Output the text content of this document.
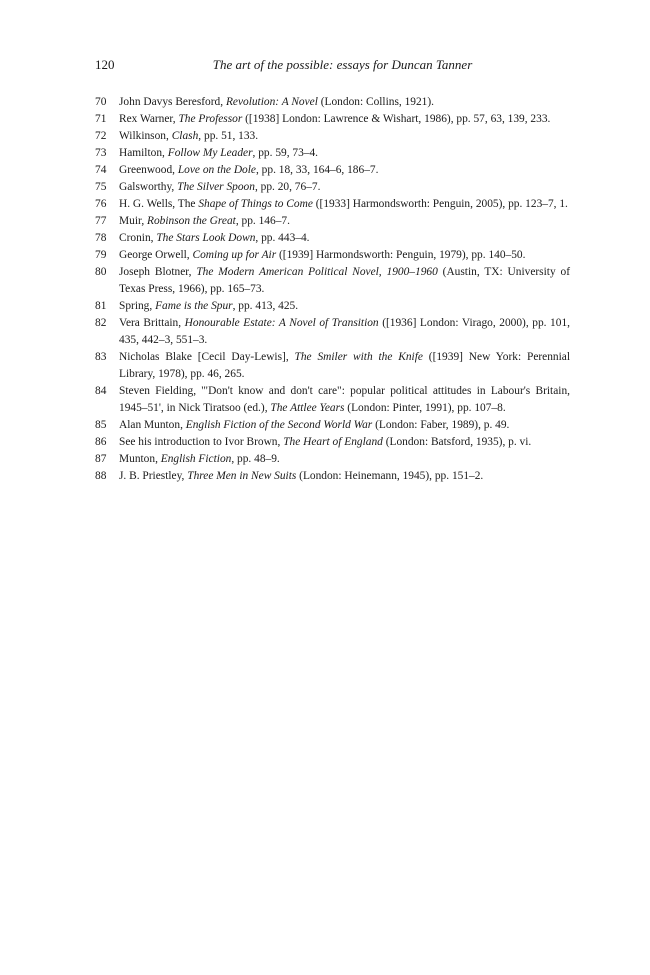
120	The art of the possible: essays for Duncan Tanner
70 John Davys Beresford, Revolution: A Novel (London: Collins, 1921).
71 Rex Warner, The Professor ([1938] London: Lawrence & Wishart, 1986), pp. 57, 63, 139, 233.
72 Wilkinson, Clash, pp. 51, 133.
73 Hamilton, Follow My Leader, pp. 59, 73–4.
74 Greenwood, Love on the Dole, pp. 18, 33, 164–6, 186–7.
75 Galsworthy, The Silver Spoon, pp. 20, 76–7.
76 H. G. Wells, The Shape of Things to Come ([1933] Harmondsworth: Penguin, 2005), pp. 123–7, 1.
77 Muir, Robinson the Great, pp. 146–7.
78 Cronin, The Stars Look Down, pp. 443–4.
79 George Orwell, Coming up for Air ([1939] Harmondsworth: Penguin, 1979), pp. 140–50.
80 Joseph Blotner, The Modern American Political Novel, 1900–1960 (Austin, TX: University of Texas Press, 1966), pp. 165–73.
81 Spring, Fame is the Spur, pp. 413, 425.
82 Vera Brittain, Honourable Estate: A Novel of Transition ([1936] London: Virago, 2000), pp. 101, 435, 442–3, 551–3.
83 Nicholas Blake [Cecil Day-Lewis], The Smiler with the Knife ([1939] New York: Perennial Library, 1978), pp. 46, 265.
84 Steven Fielding, '"Don't know and don't care": popular political attitudes in Labour's Britain, 1945–51', in Nick Tiratsoo (ed.), The Attlee Years (London: Pinter, 1991), pp. 107–8.
85 Alan Munton, English Fiction of the Second World War (London: Faber, 1989), p. 49.
86 See his introduction to Ivor Brown, The Heart of England (London: Batsford, 1935), p. vi.
87 Munton, English Fiction, pp. 48–9.
88 J. B. Priestley, Three Men in New Suits (London: Heinemann, 1945), pp. 151–2.
